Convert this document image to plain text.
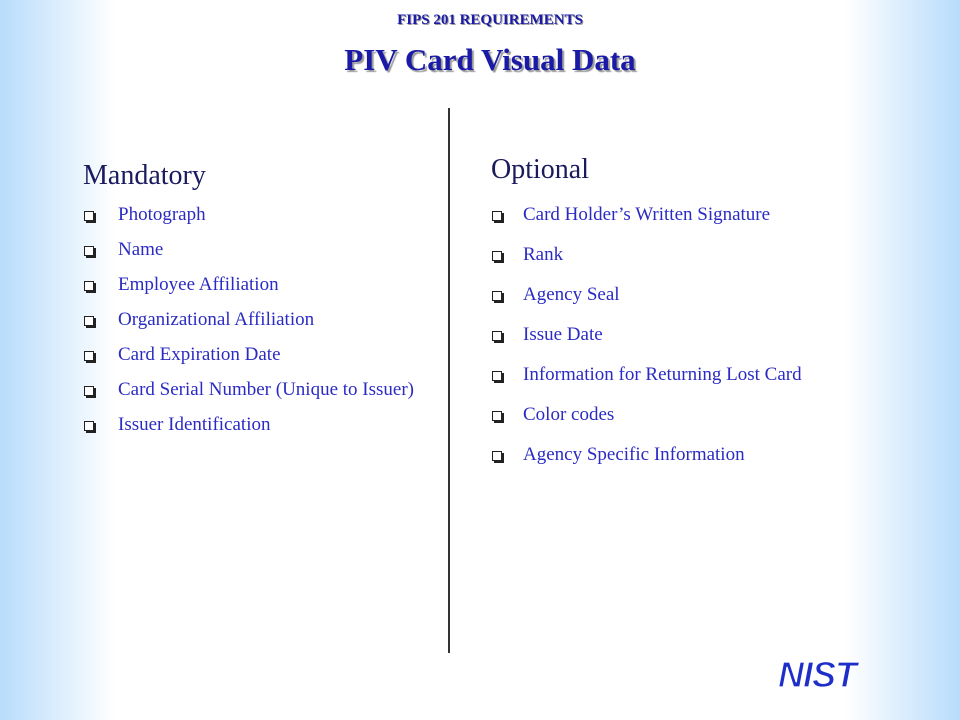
FIPS 201 REQUIREMENTS
PIV Card Visual Data
Mandatory
Photograph
Name
Employee Affiliation
Organizational Affiliation
Card Expiration Date
Card Serial Number (Unique to Issuer)
Issuer Identification
Optional
Card Holder’s Written Signature
Rank
Agency Seal
Issue Date
Information for Returning Lost Card
Color codes
Agency Specific Information
NIST
